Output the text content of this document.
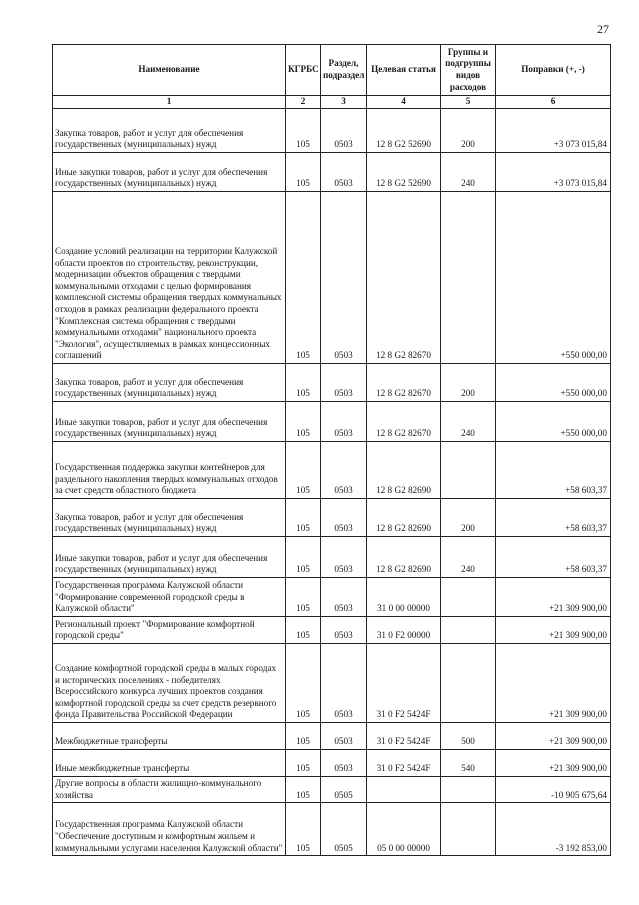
27
Наименование	КГРБС	Раздел, подраздел	Целевая статья	Группы и подгруппы видов расходов	Поправки (+, -)
1	2	3	4	5	6
Закупка товаров, работ и услуг для обеспечения государственных (муниципальных) нужд	105	0503	12 8 G2 52690	200	+3 073 015,84
Иные закупки товаров, работ и услуг для обеспечения государственных (муниципальных) нужд	105	0503	12 8 G2 52690	240	+3 073 015,84
Создание условий реализации на территории Калужской области проектов по строительству, реконструкции, модернизации объектов обращения с твердыми коммунальными отходами с целью формирования комплексной системы обращения твердых коммунальных отходов в рамках реализации федерального проекта "Комплексная система обращения с твердыми коммунальными отходами" национального проекта "Экология", осуществляемых в рамках концессионных соглашений	105	0503	12 8 G2 82670		+550 000,00
Закупка товаров, работ и услуг для обеспечения государственных (муниципальных) нужд	105	0503	12 8 G2 82670	200	+550 000,00
Иные закупки товаров, работ и услуг для обеспечения государственных (муниципальных) нужд	105	0503	12 8 G2 82670	240	+550 000,00
Государственная поддержка закупки контейнеров для раздельного накопления твердых коммунальных отходов за счет средств областного бюджета	105	0503	12 8 G2 82690		+58 603,37
Закупка товаров, работ и услуг для обеспечения государственных (муниципальных) нужд	105	0503	12 8 G2 82690	200	+58 603,37
Иные закупки товаров, работ и услуг для обеспечения государственных (муниципальных) нужд	105	0503	12 8 G2 82690	240	+58 603,37
Государственная программа Калужской области "Формирование современной городской среды в Калужской области"	105	0503	31 0 00 00000		+21 309 900,00
Региональный проект "Формирование комфортной городской среды"	105	0503	31 0 F2 00000		+21 309 900,00
Создание комфортной городской среды в малых городах и исторических поселениях - победителях Всероссийского конкурса лучших проектов создания комфортной городской среды за счет средств резервного фонда Правительства Российской Федерации	105	0503	31 0 F2 5424F		+21 309 900,00
Межбюджетные трансферты	105	0503	31 0 F2 5424F	500	+21 309 900,00
Иные межбюджетные трансферты	105	0503	31 0 F2 5424F	540	+21 309 900,00
Другие вопросы в области жилищно-коммунального хозяйства	105	0505			-10 905 675,64
Государственная программа Калужской области "Обеспечение доступным и комфортным жильем и коммунальными услугами населения Калужской области"	105	0505	05 0 00 00000		-3 192 853,00
